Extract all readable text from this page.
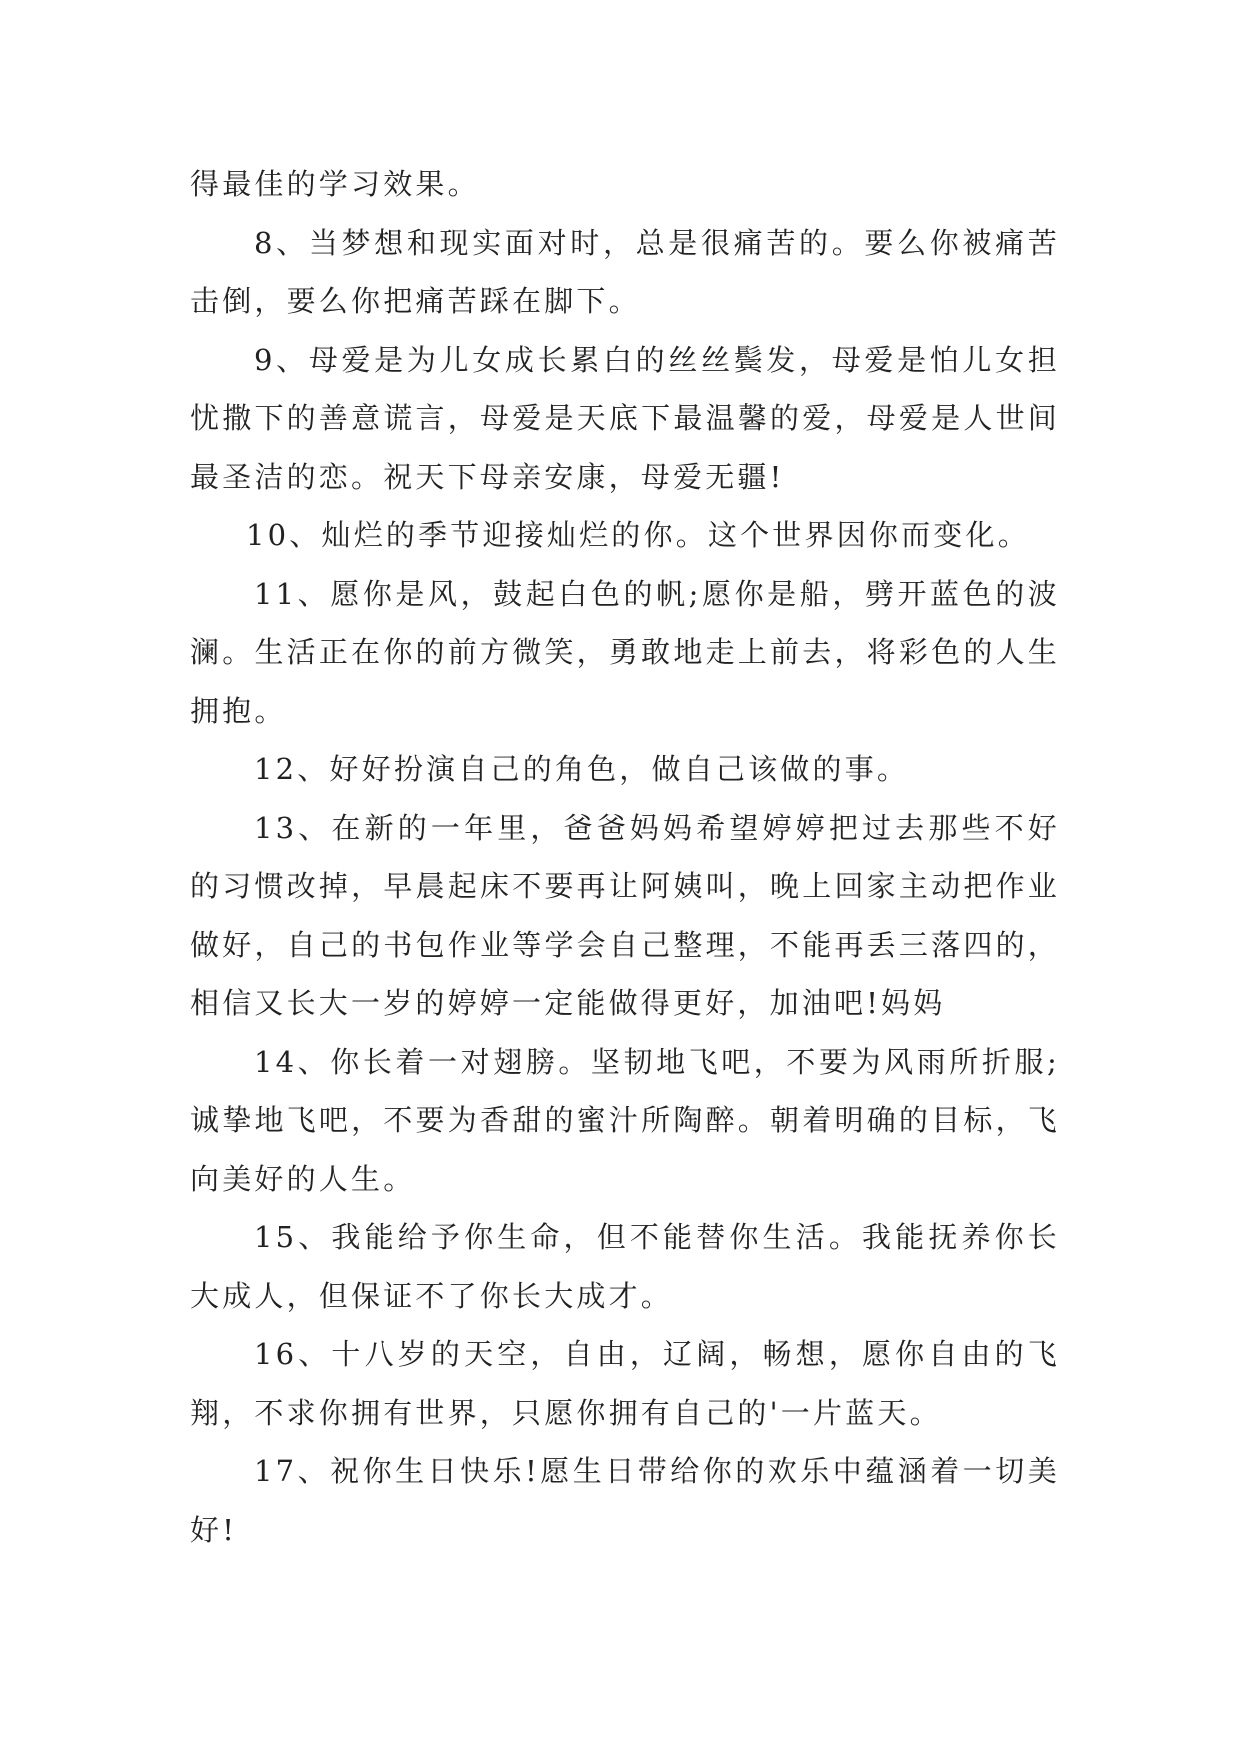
得最佳的学习效果。

8、当梦想和现实面对时，总是很痛苦的。要么你被痛苦击倒，要么你把痛苦踩在脚下。

9、母爱是为儿女成长累白的丝丝鬓发，母爱是怕儿女担忧撒下的善意谎言，母爱是天底下最温馨的爱，母爱是人世间最圣洁的恋。祝天下母亲安康，母爱无疆!

10、灿烂的季节迎接灿烂的你。这个世界因你而变化。

11、愿你是风，鼓起白色的帆;愿你是船，劈开蓝色的波澜。生活正在你的前方微笑，勇敢地走上前去，将彩色的人生拥抱。

12、好好扮演自己的角色，做自己该做的事。

13、在新的一年里，爸爸妈妈希望婷婷把过去那些不好的习惯改掉，早晨起床不要再让阿姨叫，晚上回家主动把作业做好，自己的书包作业等学会自己整理，不能再丢三落四的，相信又长大一岁的婷婷一定能做得更好，加油吧!妈妈

14、你长着一对翅膀。坚韧地飞吧，不要为风雨所折服;诚挚地飞吧，不要为香甜的蜜汁所陶醉。朝着明确的目标，飞向美好的人生。

15、我能给予你生命，但不能替你生活。我能抚养你长大成人，但保证不了你长大成才。

16、十八岁的天空，自由，辽阔，畅想，愿你自由的飞翔，不求你拥有世界，只愿你拥有自己的'一片蓝天。

17、祝你生日快乐!愿生日带给你的欢乐中蕴涵着一切美好!
